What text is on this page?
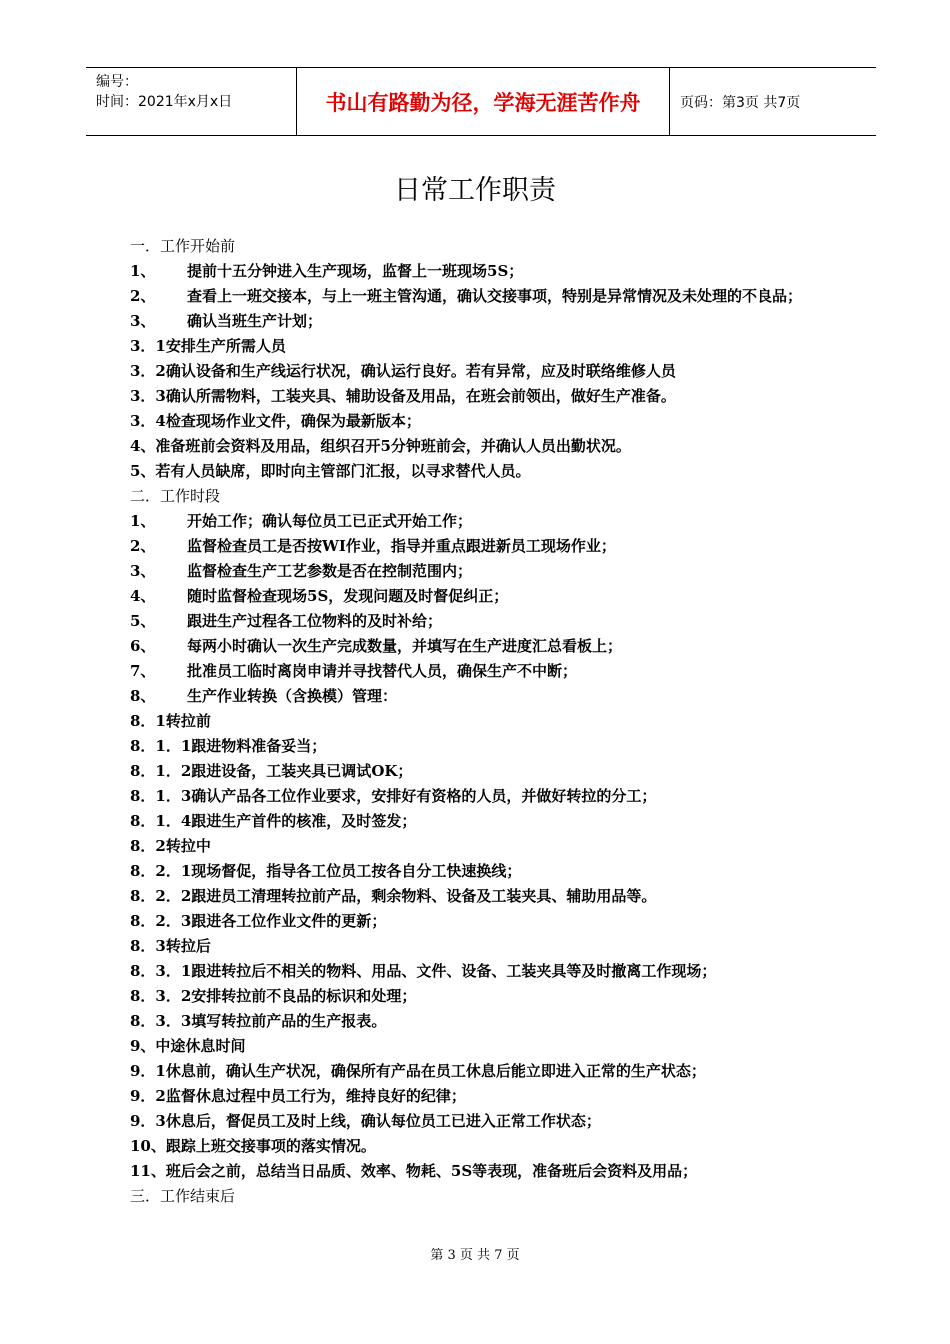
编号：
时间：2021年x月x日	书山有路勤为径，学海无涯苦作舟	页码：第3页 共7页
日常工作职责
一．工作开始前
1、 提前十五分钟进入生产现场，监督上一班现场5S；
2、 查看上一班交接本，与上一班主管沟通，确认交接事项，特别是异常情况及未处理的不良品；
3、 确认当班生产计划；
3．1安排生产所需人员
3．2确认设备和生产线运行状况，确认运行良好。若有异常，应及时联络维修人员
3．3确认所需物料，工装夹具、辅助设备及用品，在班会前领出，做好生产准备。
3．4检查现场作业文件，确保为最新版本；
4、准备班前会资料及用品，组织召开5分钟班前会，并确认人员出勤状况。
5、若有人员缺席，即时向主管部门汇报，以寻求替代人员。
二．工作时段
1、 开始工作；确认每位员工已正式开始工作；
2、 监督检查员工是否按WI作业，指导并重点跟进新员工现场作业；
3、 监督检查生产工艺参数是否在控制范围内；
4、 随时监督检查现场5S，发现问题及时督促纠正；
5、 跟进生产过程各工位物料的及时补给；
6、 每两小时确认一次生产完成数量，并填写在生产进度汇总看板上；
7、 批准员工临时离岗申请并寻找替代人员，确保生产不中断；
8、 生产作业转换（含换模）管理：
8．1转拉前
8．1．1跟进物料准备妥当；
8．1．2跟进设备，工装夹具已调试OK；
8．1．3确认产品各工位作业要求，安排好有资格的人员，并做好转拉的分工；
8．1．4跟进生产首件的核准，及时签发；
8．2转拉中
8．2．1现场督促，指导各工位员工按各自分工快速换线；
8．2．2跟进员工清理转拉前产品，剩余物料、设备及工装夹具、辅助用品等。
8．2．3跟进各工位作业文件的更新；
8．3转拉后
8．3．1跟进转拉后不相关的物料、用品、文件、设备、工装夹具等及时撤离工作现场；
8．3．2安排转拉前不良品的标识和处理；
8．3．3填写转拉前产品的生产报表。
9、中途休息时间
9．1休息前，确认生产状况，确保所有产品在员工休息后能立即进入正常的生产状态；
9．2监督休息过程中员工行为，维持良好的纪律；
9．3休息后，督促员工及时上线，确认每位员工已进入正常工作状态；
10、跟踪上班交接事项的落实情况。
11、班后会之前，总结当日品质、效率、物耗、5S等表现，准备班后会资料及用品；
三．工作结束后
第 3 页 共 7 页
